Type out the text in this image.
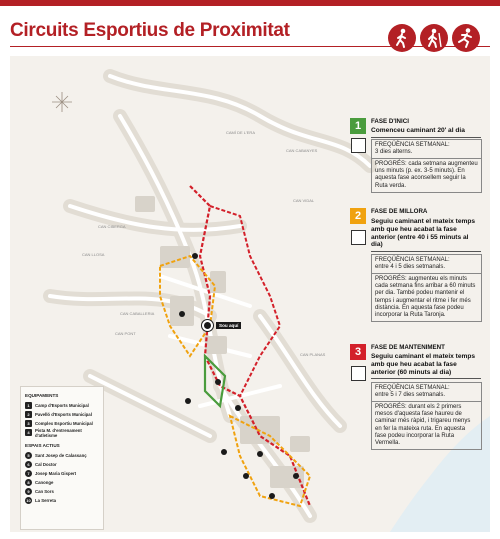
Circuits Esportius de Proximitat
CAMÍ DE L'ERA
CAN CABANYES
CAN VIDAL
CAN CIBERGA
CAN LLOSA
CAN CABALLERIA
CAN PONT
CAN PLANAS
Sou aquí
EQUIPAMENTS
1	Camp d'Esports Municipal
2	Pavelló d'Esports Municipal
3	Complex Esportiu Municipal
4	Pista M. d'entrenament d'atletisme
ESPAIS ACTIUS
5	Sant Josep de Calassanç
6	Cal Doctor
7	Josep Maria Gispert
8	Canonge
9	Can Sors
10 La Serreta
1	FASE D'INICI
Comenceu caminant 20' al dia
FREQÜÈNCIA SETMANAL:
3 dies alterns.
PROGRÉS: cada setmana augmenteu uns minuts (p. ex. 3-5 minuts). En aquesta fase aconsellem seguir la Ruta verda.
2	FASE DE MILLORA
Seguiu caminant el mateix temps amb que heu acabat la fase anterior (entre 40 i 55 minuts al dia)
FREQÜÈNCIA SETMANAL:
entre 4 i 5 dies setmanals.
PROGRÉS: augmenteu els minuts cada setmana fins arribar a 60 minuts per dia. També podeu mantenir el temps i augmentar el ritme i fer més distància. En aquesta fase podeu incorporar la Ruta Taronja.
3	FASE DE MANTENIMENT
Seguiu caminant el mateix temps amb que heu acabat la fase anterior (60 minuts al dia)
FREQÜÈNCIA SETMANAL:
entre 5 i 7 dies setmanals.
PROGRÉS: durant els 2 primers mesos d'aquesta fase haureu de caminar més ràpid, i trigareu menys en fer la mateixa ruta. En aquesta fase podeu incorporar la Ruta Vermella.
